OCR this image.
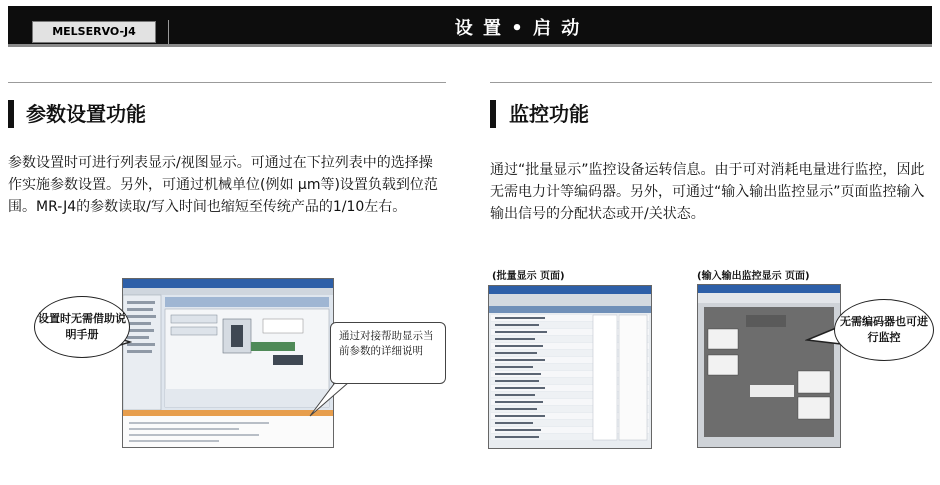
MELSERVO-J4	设 置 • 启 动
参数设置功能	监控功能
参数设置时可进行列表显示/视图显示。可通过在下拉列表中的选择操作实施参数设置。另外，可通过机械单位(例如 μm等)设置负载到位范围。MR-J4的参数读取/写入时间也缩短至传统产品的1/10左右。
通过“批量显示”监控设备运转信息。由于可对消耗电量进行监控，因此无需电力计等编码器。另外，可通过“输入输出监控显示”页面监控输入输出信号的分配状态或开/关状态。
设置时无需借助说明手册	通过对接帮助显示当前参数的详细说明
(批量显示 页面)	(输入输出监控显示 页面)
无需编码器也可进行监控
